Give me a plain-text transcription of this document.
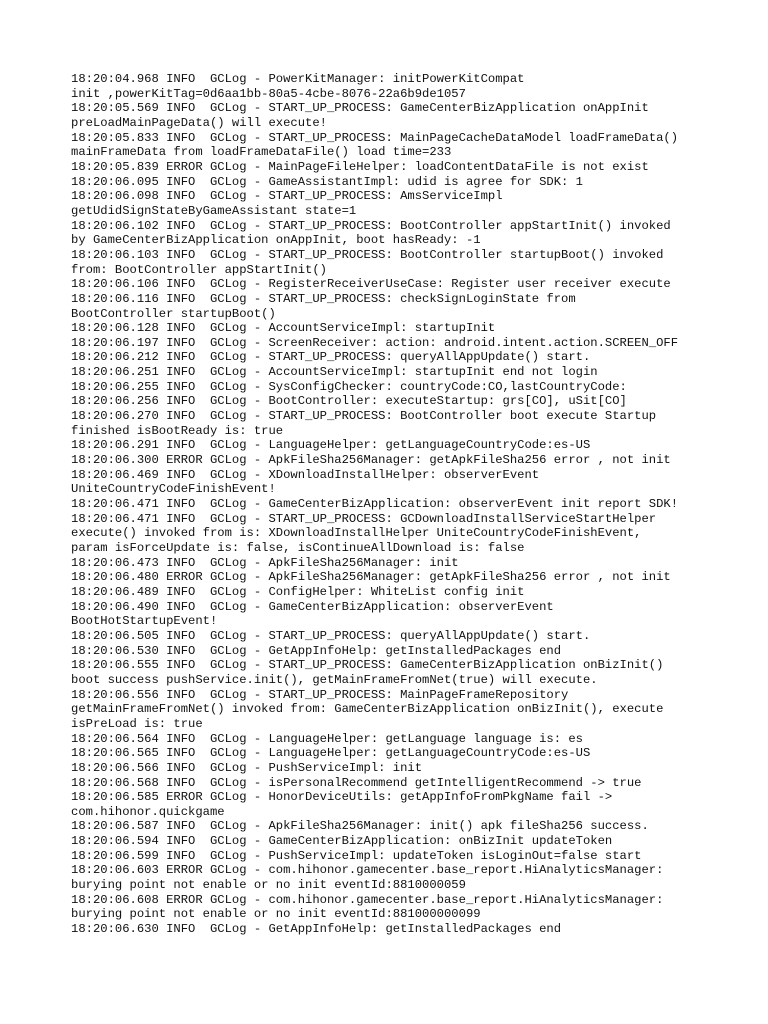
18:20:04.968 INFO  GCLog - PowerKitManager: initPowerKitCompat
init ,powerKitTag=0d6aa1bb-80a5-4cbe-8076-22a6b9de1057
18:20:05.569 INFO  GCLog - START_UP_PROCESS: GameCenterBizApplication onAppInit
preLoadMainPageData() will execute!
18:20:05.833 INFO  GCLog - START_UP_PROCESS: MainPageCacheDataModel loadFrameData()
mainFrameData from loadFrameDataFile() load time=233
18:20:05.839 ERROR GCLog - MainPageFileHelper: loadContentDataFile is not exist
18:20:06.095 INFO  GCLog - GameAssistantImpl: udid is agree for SDK: 1
18:20:06.098 INFO  GCLog - START_UP_PROCESS: AmsServiceImpl
getUdidSignStateByGameAssistant state=1
18:20:06.102 INFO  GCLog - START_UP_PROCESS: BootController appStartInit() invoked
by GameCenterBizApplication onAppInit, boot hasReady: -1
18:20:06.103 INFO  GCLog - START_UP_PROCESS: BootController startupBoot() invoked
from: BootController appStartInit()
18:20:06.106 INFO  GCLog - RegisterReceiverUseCase: Register user receiver execute
18:20:06.116 INFO  GCLog - START_UP_PROCESS: checkSignLoginState from
BootController startupBoot()
18:20:06.128 INFO  GCLog - AccountServiceImpl: startupInit
18:20:06.197 INFO  GCLog - ScreenReceiver: action: android.intent.action.SCREEN_OFF
18:20:06.212 INFO  GCLog - START_UP_PROCESS: queryAllAppUpdate() start.
18:20:06.251 INFO  GCLog - AccountServiceImpl: startupInit end not login
18:20:06.255 INFO  GCLog - SysConfigChecker: countryCode:CO,lastCountryCode:
18:20:06.256 INFO  GCLog - BootController: executeStartup: grs[CO], uSit[CO]
18:20:06.270 INFO  GCLog - START_UP_PROCESS: BootController boot execute Startup
finished isBootReady is: true
18:20:06.291 INFO  GCLog - LanguageHelper: getLanguageCountryCode:es-US
18:20:06.300 ERROR GCLog - ApkFileSha256Manager: getApkFileSha256 error , not init
18:20:06.469 INFO  GCLog - XDownloadInstallHelper: observerEvent
UniteCountryCodeFinishEvent!
18:20:06.471 INFO  GCLog - GameCenterBizApplication: observerEvent init report SDK!
18:20:06.471 INFO  GCLog - START_UP_PROCESS: GCDownloadInstallServiceStartHelper
execute() invoked from is: XDownloadInstallHelper UniteCountryCodeFinishEvent,
param isForceUpdate is: false, isContinueAllDownload is: false
18:20:06.473 INFO  GCLog - ApkFileSha256Manager: init
18:20:06.480 ERROR GCLog - ApkFileSha256Manager: getApkFileSha256 error , not init
18:20:06.489 INFO  GCLog - ConfigHelper: WhiteList config init
18:20:06.490 INFO  GCLog - GameCenterBizApplication: observerEvent
BootHotStartupEvent!
18:20:06.505 INFO  GCLog - START_UP_PROCESS: queryAllAppUpdate() start.
18:20:06.530 INFO  GCLog - GetAppInfoHelp: getInstalledPackages end
18:20:06.555 INFO  GCLog - START_UP_PROCESS: GameCenterBizApplication onBizInit()
boot success pushService.init(), getMainFrameFromNet(true) will execute.
18:20:06.556 INFO  GCLog - START_UP_PROCESS: MainPageFrameRepository
getMainFrameFromNet() invoked from: GameCenterBizApplication onBizInit(), execute
isPreLoad is: true
18:20:06.564 INFO  GCLog - LanguageHelper: getLanguage language is: es
18:20:06.565 INFO  GCLog - LanguageHelper: getLanguageCountryCode:es-US
18:20:06.566 INFO  GCLog - PushServiceImpl: init
18:20:06.568 INFO  GCLog - isPersonalRecommend getIntelligentRecommend -> true
18:20:06.585 ERROR GCLog - HonorDeviceUtils: getAppInfoFromPkgName fail ->
com.hihonor.quickgame
18:20:06.587 INFO  GCLog - ApkFileSha256Manager: init() apk fileSha256 success.
18:20:06.594 INFO  GCLog - GameCenterBizApplication: onBizInit updateToken
18:20:06.599 INFO  GCLog - PushServiceImpl: updateToken isLoginOut=false start
18:20:06.603 ERROR GCLog - com.hihonor.gamecenter.base_report.HiAnalyticsManager:
burying point not enable or no init eventId:8810000059
18:20:06.608 ERROR GCLog - com.hihonor.gamecenter.base_report.HiAnalyticsManager:
burying point not enable or no init eventId:881000000099
18:20:06.630 INFO  GCLog - GetAppInfoHelp: getInstalledPackages end
